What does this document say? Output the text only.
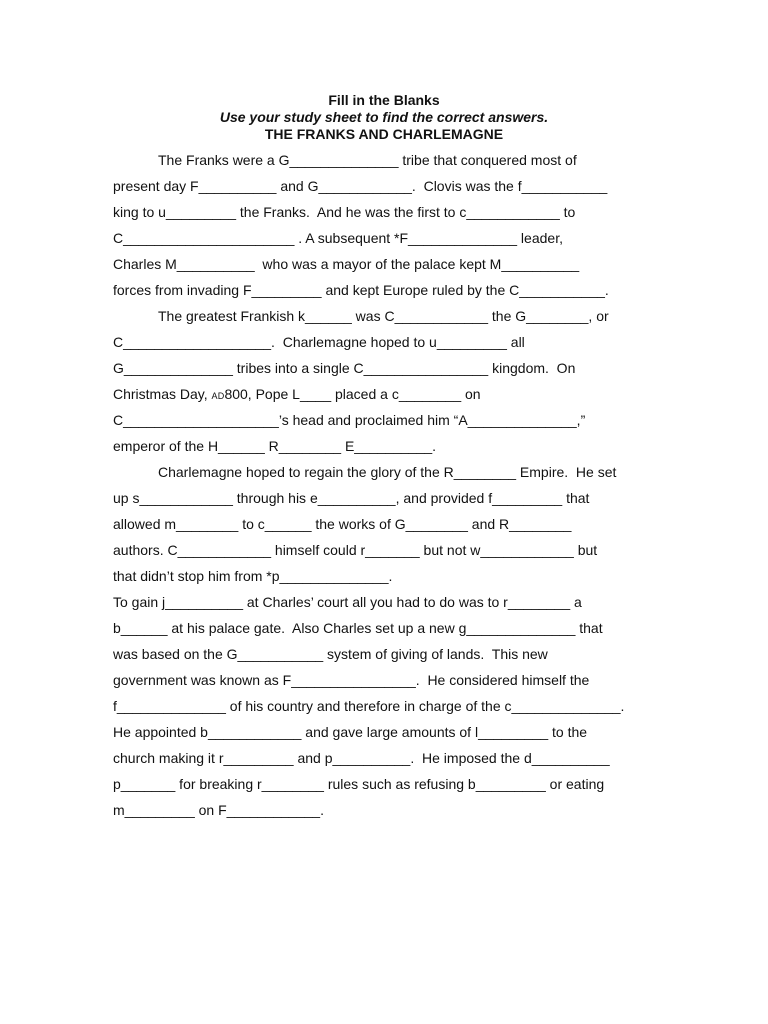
Fill in the Blanks
Use your study sheet to find the correct answers.
THE FRANKS AND CHARLEMAGNE
The Franks were a G______________ tribe that conquered most of
present day F__________ and G____________.  Clovis was the f___________
king to u_________ the Franks.  And he was the first to c____________ to
C______________________ . A subsequent *F______________ leader,
Charles M__________  who was a mayor of the palace kept M__________
forces from invading F_________ and kept Europe ruled by the C___________.
The greatest Frankish k______ was C____________ the G________, or
C___________________.  Charlemagne hoped to u_________ all
G______________ tribes into a single C________________ kingdom.  On
Christmas Day, AD800, Pope L____ placed a c________ on
C____________________’s head and proclaimed him “A______________,”
emperor of the H______ R________ E__________.
Charlemagne hoped to regain the glory of the R________ Empire.  He set
up s____________ through his e__________, and provided f_________ that
allowed m________ to c______ the works of G________ and R________
authors. C____________ himself could r_______ but not w____________ but
that didn’t stop him from *p______________.
To gain j__________ at Charles’ court all you had to do was to r________ a
b______ at his palace gate.  Also Charles set up a new g______________ that
was based on the G___________ system of giving of lands.  This new
government was known as F________________.  He considered himself the
f______________ of his country and therefore in charge of the c______________.
He appointed b____________ and gave large amounts of l_________ to the
church making it r_________ and p__________.  He imposed the d__________
p_______ for breaking r________ rules such as refusing b_________ or eating
m_________ on F____________.
